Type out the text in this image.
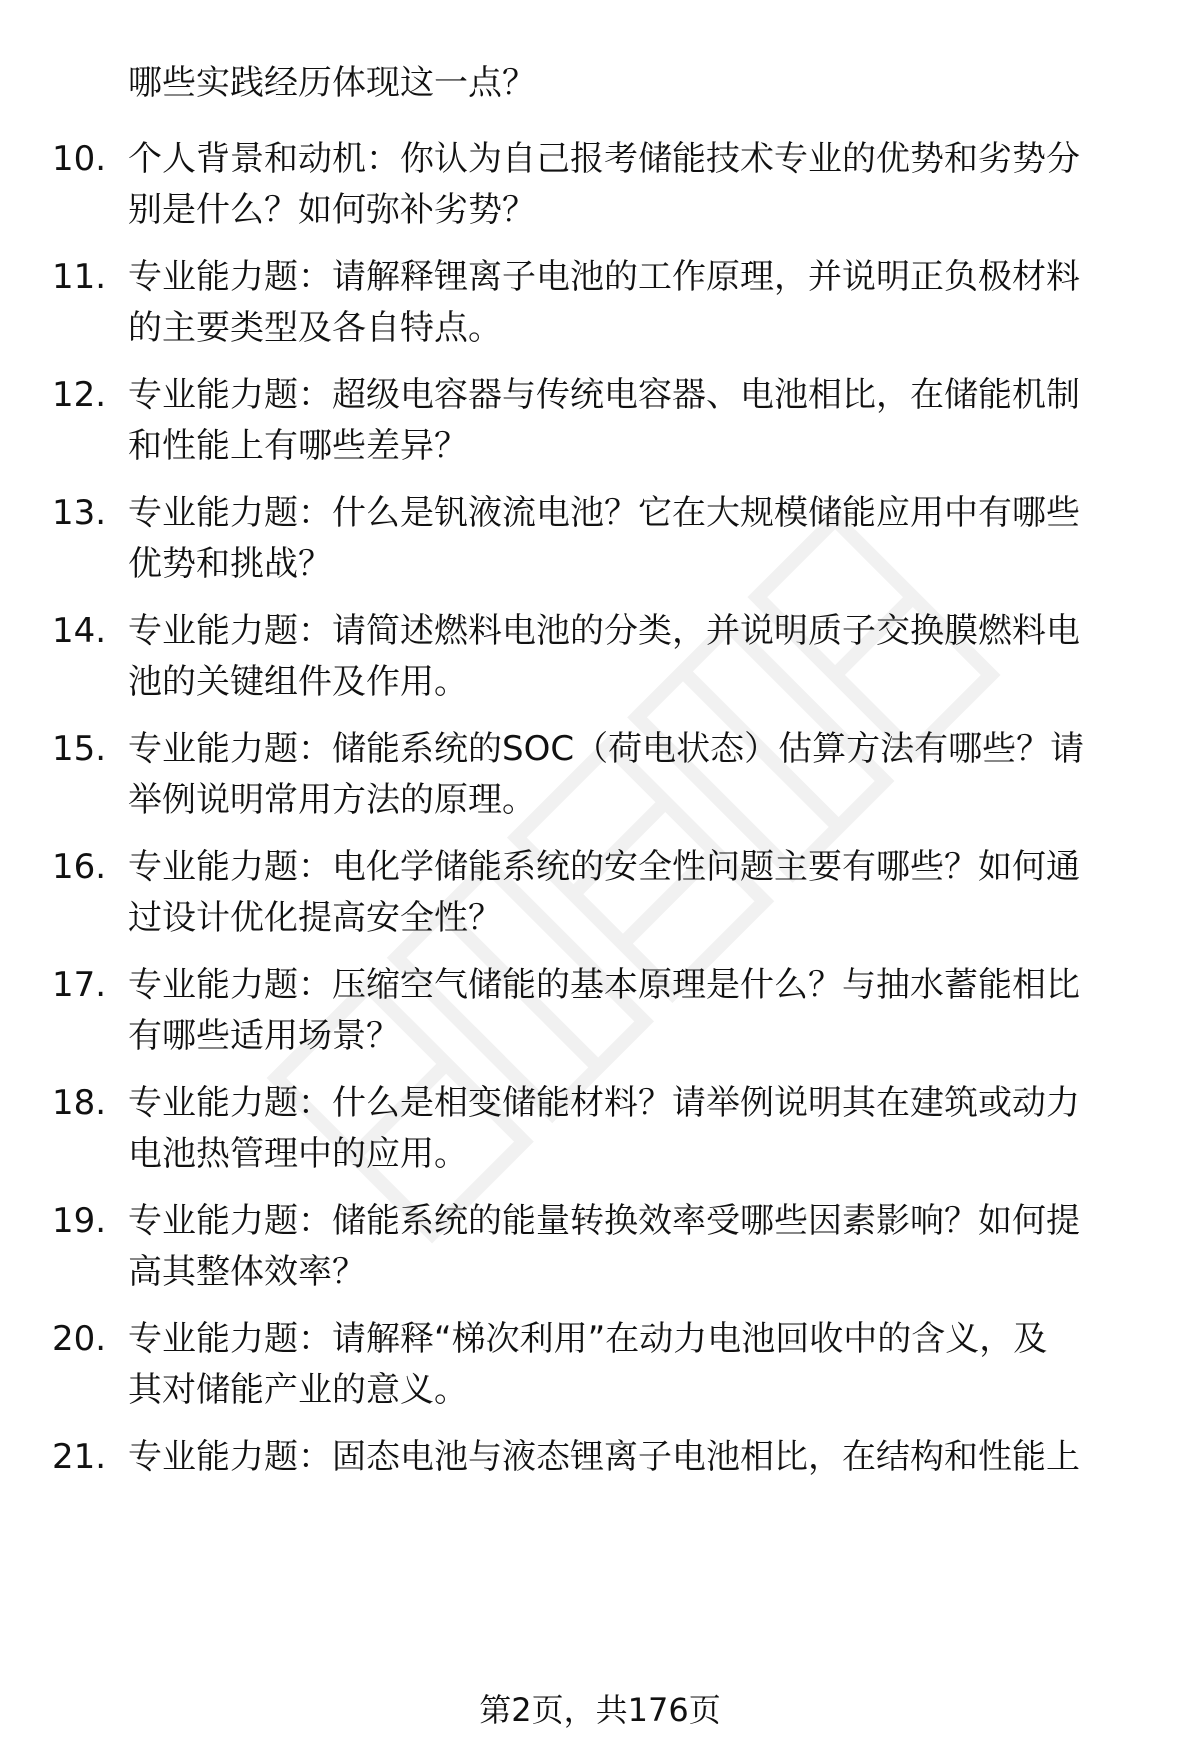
哪些实践经历体现这一点？
10. 个人背景和动机：你认为自己报考储能技术专业的优势和劣势分
别是什么？如何弥补劣势？
11. 专业能力题：请解释锂离子电池的工作原理，并说明正负极材料
的主要类型及各自特点。
12. 专业能力题：超级电容器与传统电容器、电池相比，在储能机制
和性能上有哪些差异？
13. 专业能力题：什么是钒液流电池？它在大规模储能应用中有哪些
优势和挑战？
14. 专业能力题：请简述燃料电池的分类，并说明质子交换膜燃料电
池的关键组件及作用。
15. 专业能力题：储能系统的SOC（荷电状态）估算方法有哪些？请
举例说明常用方法的原理。
16. 专业能力题：电化学储能系统的安全性问题主要有哪些？如何通
过设计优化提高安全性？
17. 专业能力题：压缩空气储能的基本原理是什么？与抽水蓄能相比
有哪些适用场景？
18. 专业能力题：什么是相变储能材料？请举例说明其在建筑或动力
电池热管理中的应用。
19. 专业能力题：储能系统的能量转换效率受哪些因素影响？如何提
高其整体效率？
20. 专业能力题：请解释“梯次利用”在动力电池回收中的含义，及
其对储能产业的意义。
21. 专业能力题：固态电池与液态锂离子电池相比，在结构和性能上
第2页，共176页
